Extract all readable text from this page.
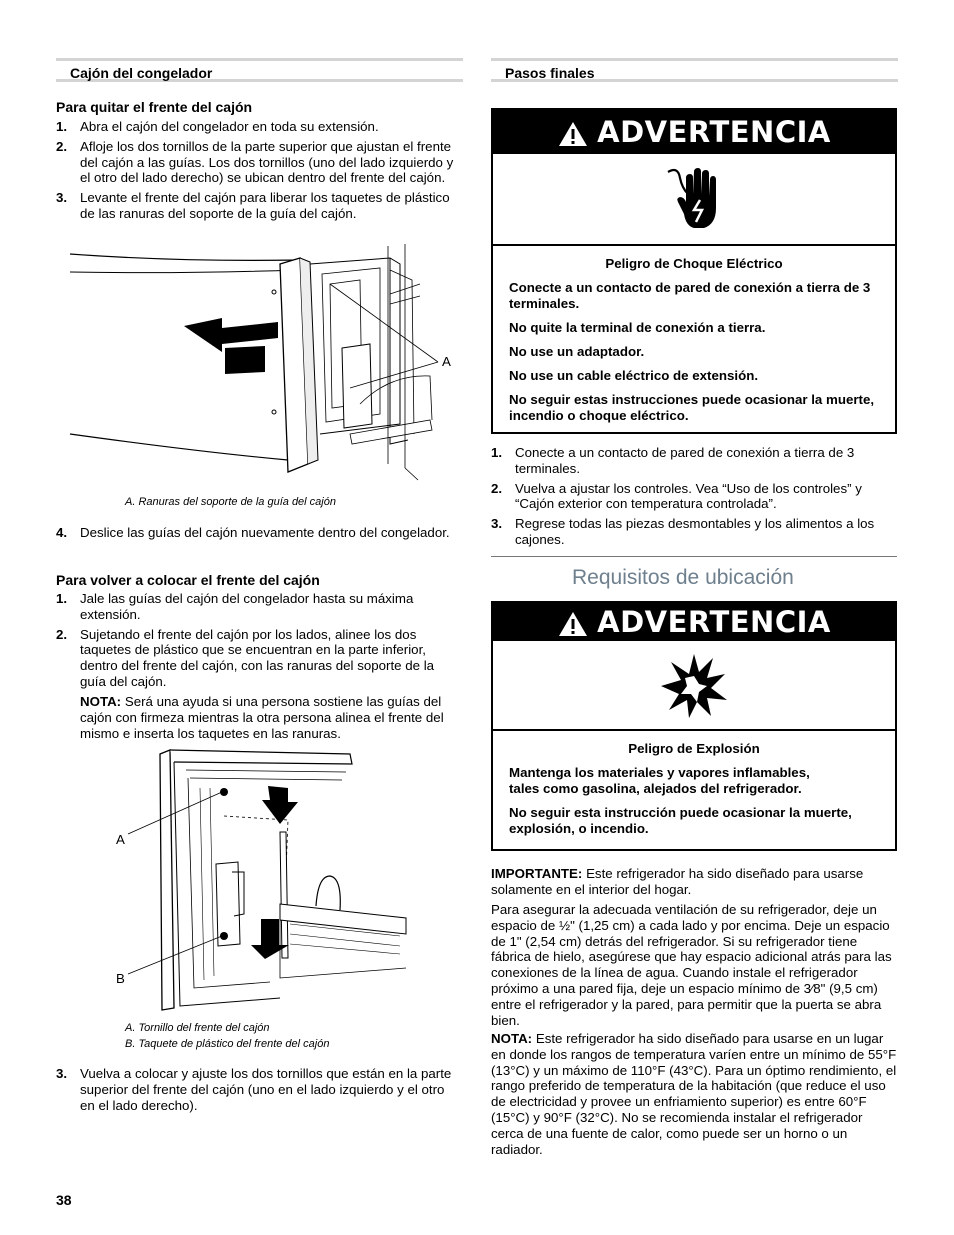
Cajón del congelador
Para quitar el frente del cajón
1. Abra el cajón del congelador en toda su extensión.
2. Afloje los dos tornillos de la parte superior que ajustan el frente del cajón a las guías. Los dos tornillos (uno del lado izquierdo y el otro del lado derecho) se ubican dentro del frente del cajón.
3. Levante el frente del cajón para liberar los taquetes de plástico de las ranuras del soporte de la guía del cajón.
A
A. Ranuras del soporte de la guía del cajón
4. Deslice las guías del cajón nuevamente dentro del congelador.
Para volver a colocar el frente del cajón
1. Jale las guías del cajón del congelador hasta su máxima extensión.
2. Sujetando el frente del cajón por los lados, alinee los dos taquetes de plástico que se encuentran en la parte inferior, dentro del frente del cajón, con las ranuras del soporte de la guía del cajón.
NOTA: Será una ayuda si una persona sostiene las guías del cajón con firmeza mientras la otra persona alinea el frente del mismo e inserta los taquetes en las ranuras.
A
B
A. Tornillo del frente del cajón
B. Taquete de plástico del frente del cajón
3. Vuelva a colocar y ajuste los dos tornillos que están en la parte superior del frente del cajón (uno en el lado izquierdo y el otro en el lado derecho).
38
Pasos finales
ADVERTENCIA
Peligro de Choque Eléctrico

Conecte a un contacto de pared de conexión a tierra de 3 terminales.

No quite la terminal de conexión a tierra.

No use un adaptador.

No use un cable eléctrico de extensión.

No seguir estas instrucciones puede ocasionar la muerte, incendio o choque eléctrico.

1. Conecte a un contacto de pared de conexión a tierra de 3 terminales.
2. Vuelva a ajustar los controles. Vea “Uso de los controles” y “Cajón exterior con temperatura controlada”.
3. Regrese todas las piezas desmontables y los alimentos a los cajones.
Requisitos de ubicación
ADVERTENCIA
Peligro de Explosión

Mantenga los materiales y vapores inflamables, tales como gasolina, alejados del refrigerador.

No seguir esta instrucción puede ocasionar la muerte, explosión, o incendio.

IMPORTANTE: Este refrigerador ha sido diseñado para usarse solamente en el interior del hogar.
Para asegurar la adecuada ventilación de su refrigerador, deje un espacio de ½" (1,25 cm) a cada lado y por encima. Deje un espacio de 1" (2,54 cm) detrás del refrigerador. Si su refrigerador tiene fábrica de hielo, asegúrese que hay espacio adicional atrás para las conexiones de la línea de agua. Cuando instale el refrigerador próximo a una pared fija, deje un espacio mínimo de 3⁄8" (9,5 cm) entre el refrigerador y la pared, para permitir que la puerta se abra bien.
NOTA: Este refrigerador ha sido diseñado para usarse en un lugar en donde los rangos de temperatura varíen entre un mínimo de 55°F (13°C) y un máximo de 110°F (43°C). Para un óptimo rendimiento, el rango preferido de temperatura de la habitación (que reduce el uso de electricidad y provee un enfriamiento superior) es entre 60°F (15°C) y 90°F (32°C). No se recomienda instalar el refrigerador cerca de una fuente de calor, como puede ser un horno o un radiador.
